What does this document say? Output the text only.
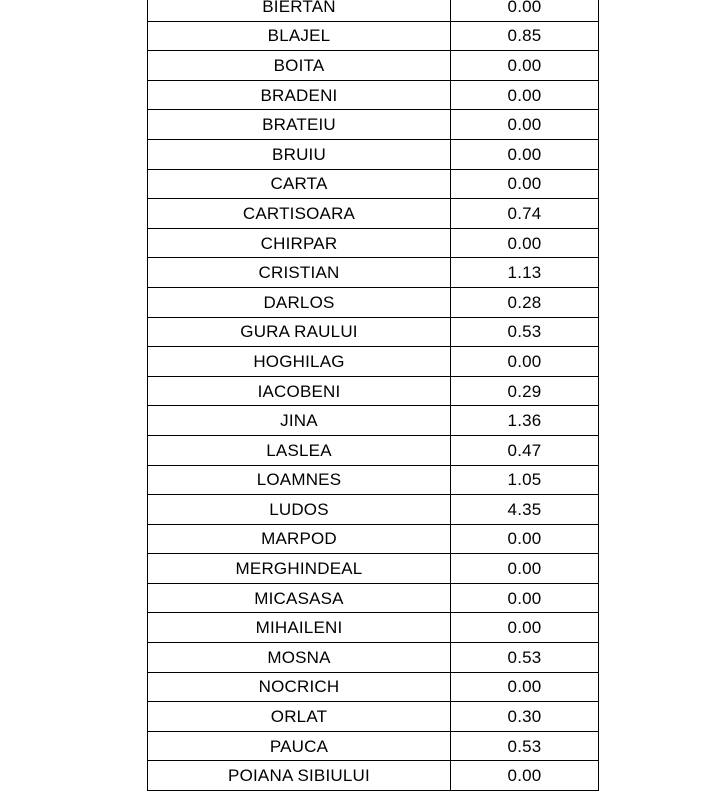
BIERTAN	0.00
BLAJEL	0.85
BOITA	0.00
BRADENI	0.00
BRATEIU	0.00
BRUIU	0.00
CARTA	0.00
CARTISOARA	0.74
CHIRPAR	0.00
CRISTIAN	1.13
DARLOS	0.28
GURA RAULUI	0.53
HOGHILAG	0.00
IACOBENI	0.29
JINA	1.36
LASLEA	0.47
LOAMNES	1.05
LUDOS	4.35
MARPOD	0.00
MERGHINDEAL	0.00
MICASASA	0.00
MIHAILENI	0.00
MOSNA	0.53
NOCRICH	0.00
ORLAT	0.30
PAUCA	0.53
POIANA SIBIULUI	0.00
